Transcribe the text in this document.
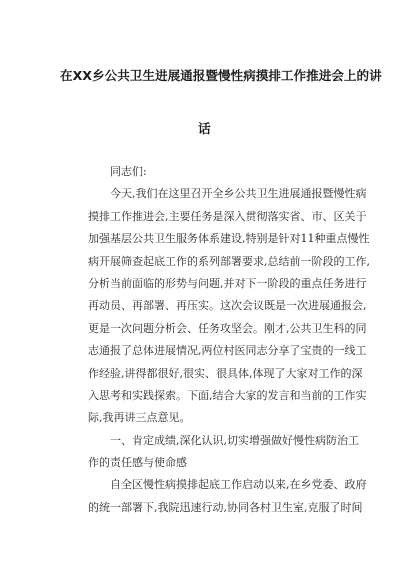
在XX乡公共卫生进展通报暨慢性病摸排工作推进会上的讲
话
同志们:
今天,我们在这里召开全乡公共卫生进展通报暨慢性病
摸排工作推进会,主要任务是深入贯彻落实省、市、区关于
加强基层公共卫生服务体系建设,特别是针对11种重点慢性
病开展筛查起底工作的系列部署要求,总结前一阶段的工作,
分析当前面临的形势与问题,并对下一阶段的重点任务进行
再动员、再部署、再压实。这次会议既是一次进展通报会,
更是一次问题分析会、任务攻坚会。刚才,公共卫生科的同
志通报了总体进展情况,两位村医同志分享了宝贵的一线工
作经验,讲得都很好,很实、很具体,体现了大家对工作的深
入思考和实践探索。下面,结合大家的发言和当前的工作实
际,我再讲三点意见。
一、肯定成绩,深化认识,切实增强做好慢性病防治工
作的责任感与使命感
自全区慢性病摸排起底工作启动以来,在乡党委、政府
的统一部署下,我院迅速行动,协同各村卫生室,克服了时间
